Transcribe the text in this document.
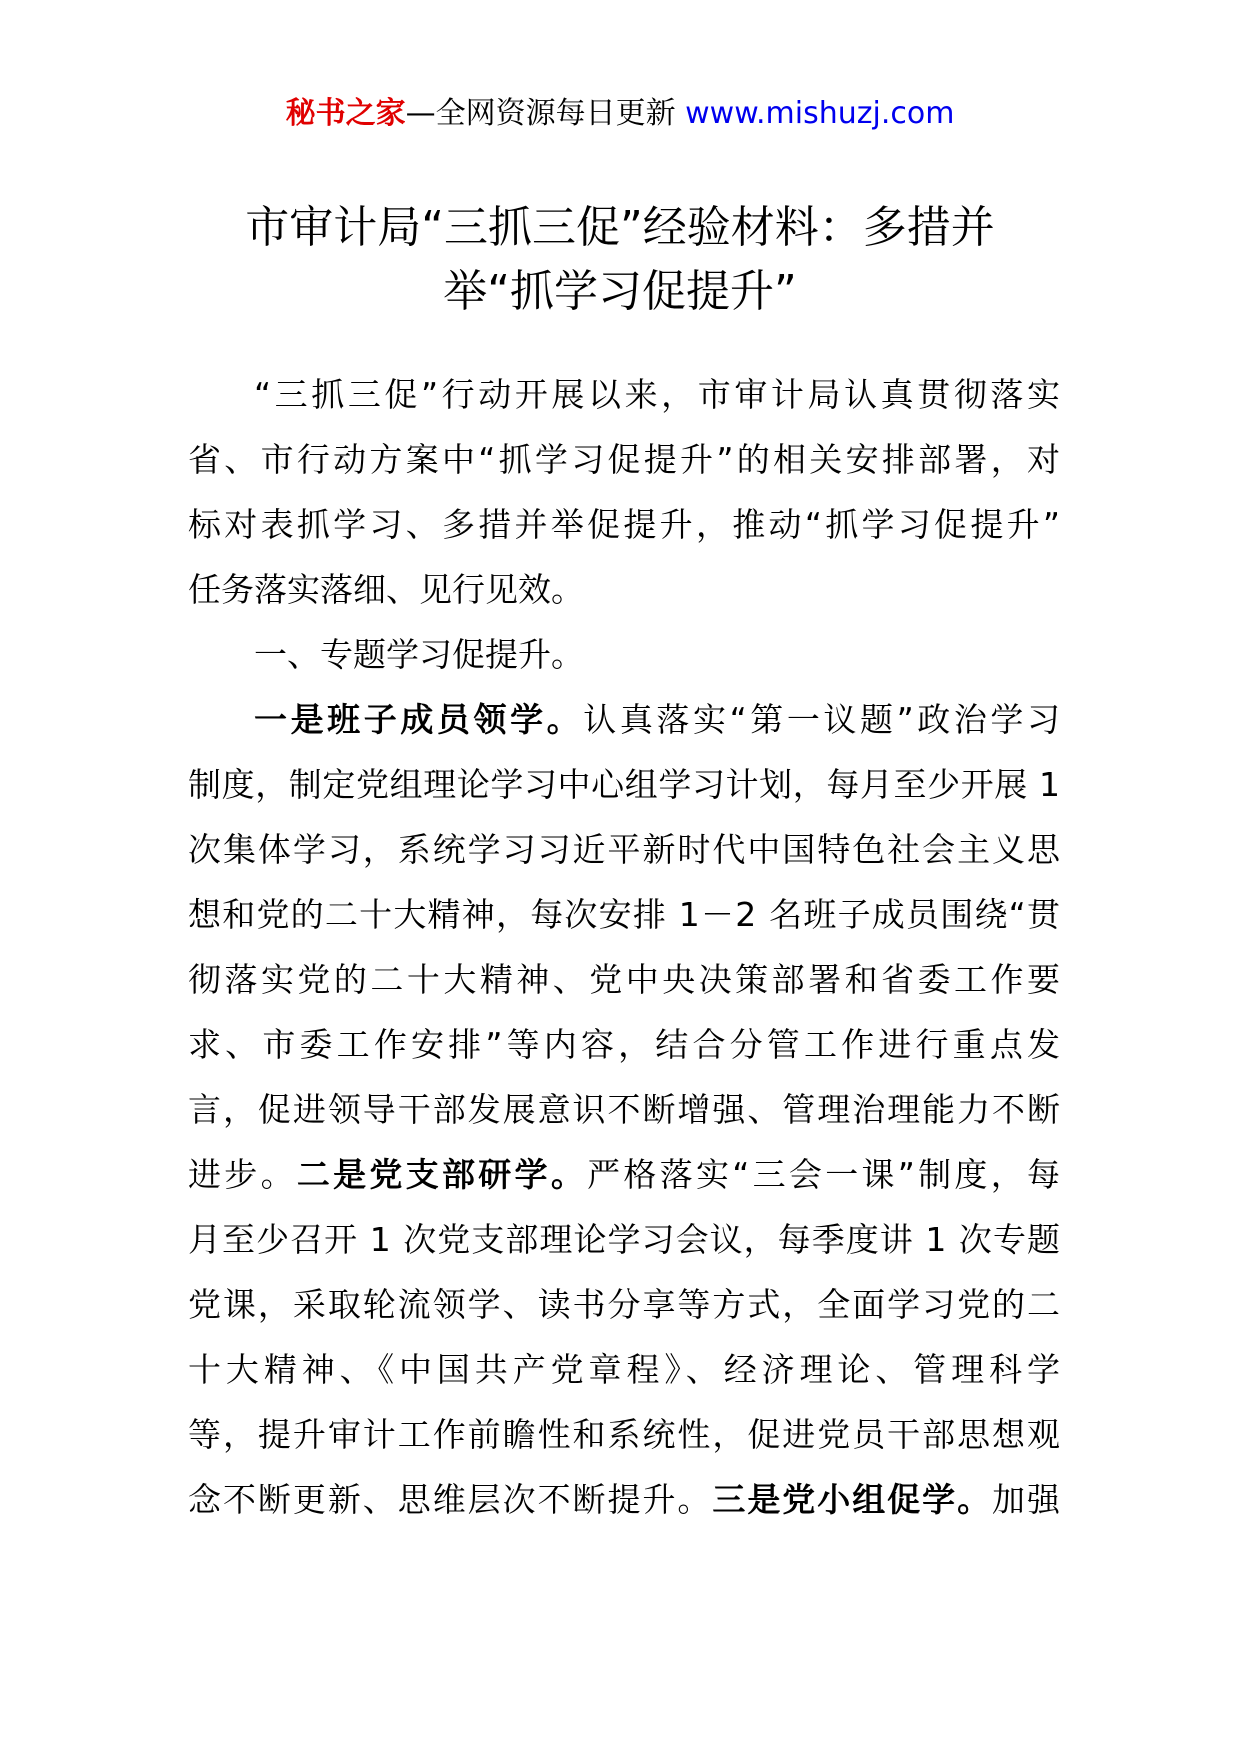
秘书之家—全网资源每日更新 www.mishuzj.com
市审计局“三抓三促”经验材料：多措并
举“抓学习促提升”
“三抓三促”行动开展以来，市审计局认真贯彻落实
省、市行动方案中“抓学习促提升”的相关安排部署，对
标对表抓学习、多措并举促提升，推动“抓学习促提升”
任务落实落细、见行见效。
一、专题学习促提升。
一是班子成员领学。认真落实“第一议题”政治学习
制度，制定党组理论学习中心组学习计划，每月至少开展 1
次集体学习，系统学习习近平新时代中国特色社会主义思
想和党的二十大精神，每次安排 1－2 名班子成员围绕“贯
彻落实党的二十大精神、党中央决策部署和省委工作要
求、市委工作安排”等内容，结合分管工作进行重点发
言，促进领导干部发展意识不断增强、管理治理能力不断
进步。二是党支部研学。严格落实“三会一课”制度，每
月至少召开 1 次党支部理论学习会议，每季度讲 1 次专题
党课，采取轮流领学、读书分享等方式，全面学习党的二
十大精神、《中国共产党章程》、经济理论、管理科学
等，提升审计工作前瞻性和系统性，促进党员干部思想观
念不断更新、思维层次不断提升。三是党小组促学。加强
